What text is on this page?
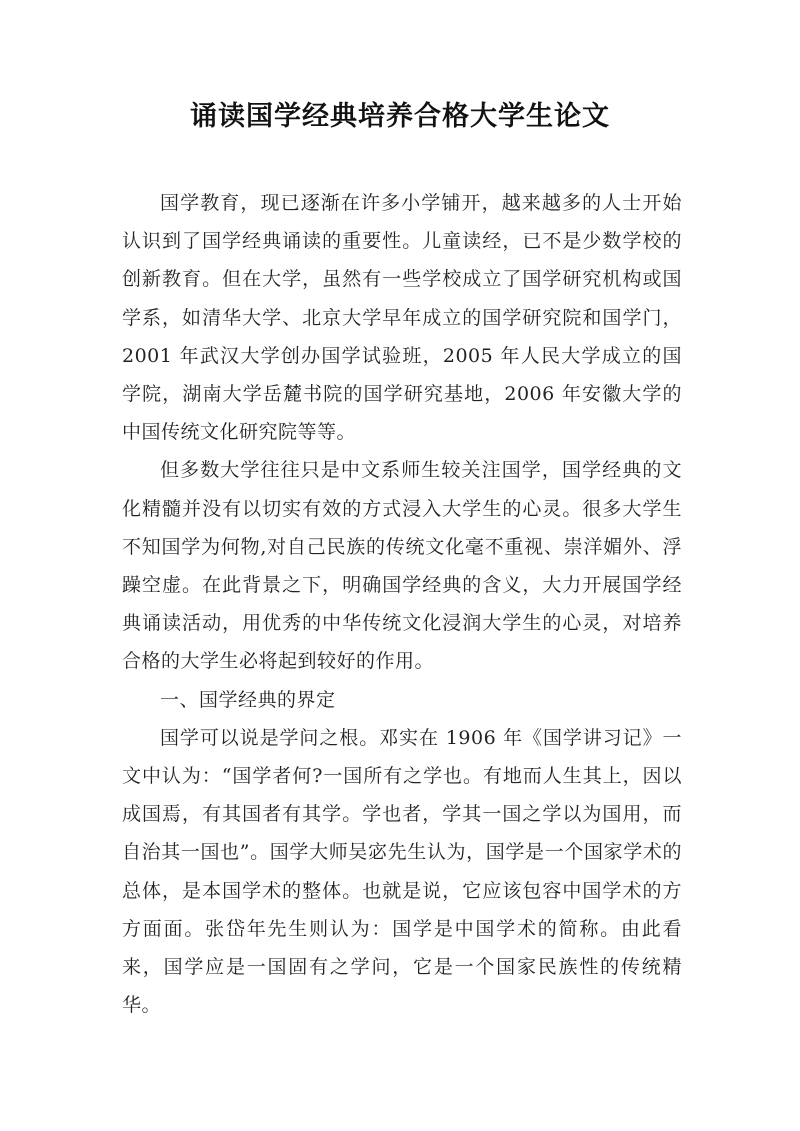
诵读国学经典培养合格大学生论文

国学教育，现已逐渐在许多小学铺开，越来越多的人士开始认识到了国学经典诵读的重要性。儿童读经，已不是少数学校的创新教育。但在大学，虽然有一些学校成立了国学研究机构或国学系，如清华大学、北京大学早年成立的国学研究院和国学门，2001 年武汉大学创办国学试验班，2005 年人民大学成立的国学院，湖南大学岳麓书院的国学研究基地，2006 年安徽大学的中国传统文化研究院等等。

但多数大学往往只是中文系师生较关注国学，国学经典的文化精髓并没有以切实有效的方式浸入大学生的心灵。很多大学生不知国学为何物,对自己民族的传统文化毫不重视、崇洋媚外、浮躁空虚。在此背景之下，明确国学经典的含义，大力开展国学经典诵读活动，用优秀的中华传统文化浸润大学生的心灵，对培养合格的大学生必将起到较好的作用。

一、国学经典的界定

国学可以说是学问之根。邓实在 1906 年《国学讲习记》一文中认为：“国学者何?一国所有之学也。有地而人生其上，因以成国焉，有其国者有其学。学也者，学其一国之学以为国用，而自治其一国也”。国学大师吴宓先生认为，国学是一个国家学术的总体，是本国学术的整体。也就是说，它应该包容中国学术的方方面面。张岱年先生则认为：国学是中国学术的简称。由此看来，国学应是一国固有之学问，它是一个国家民族性的传统精华。
